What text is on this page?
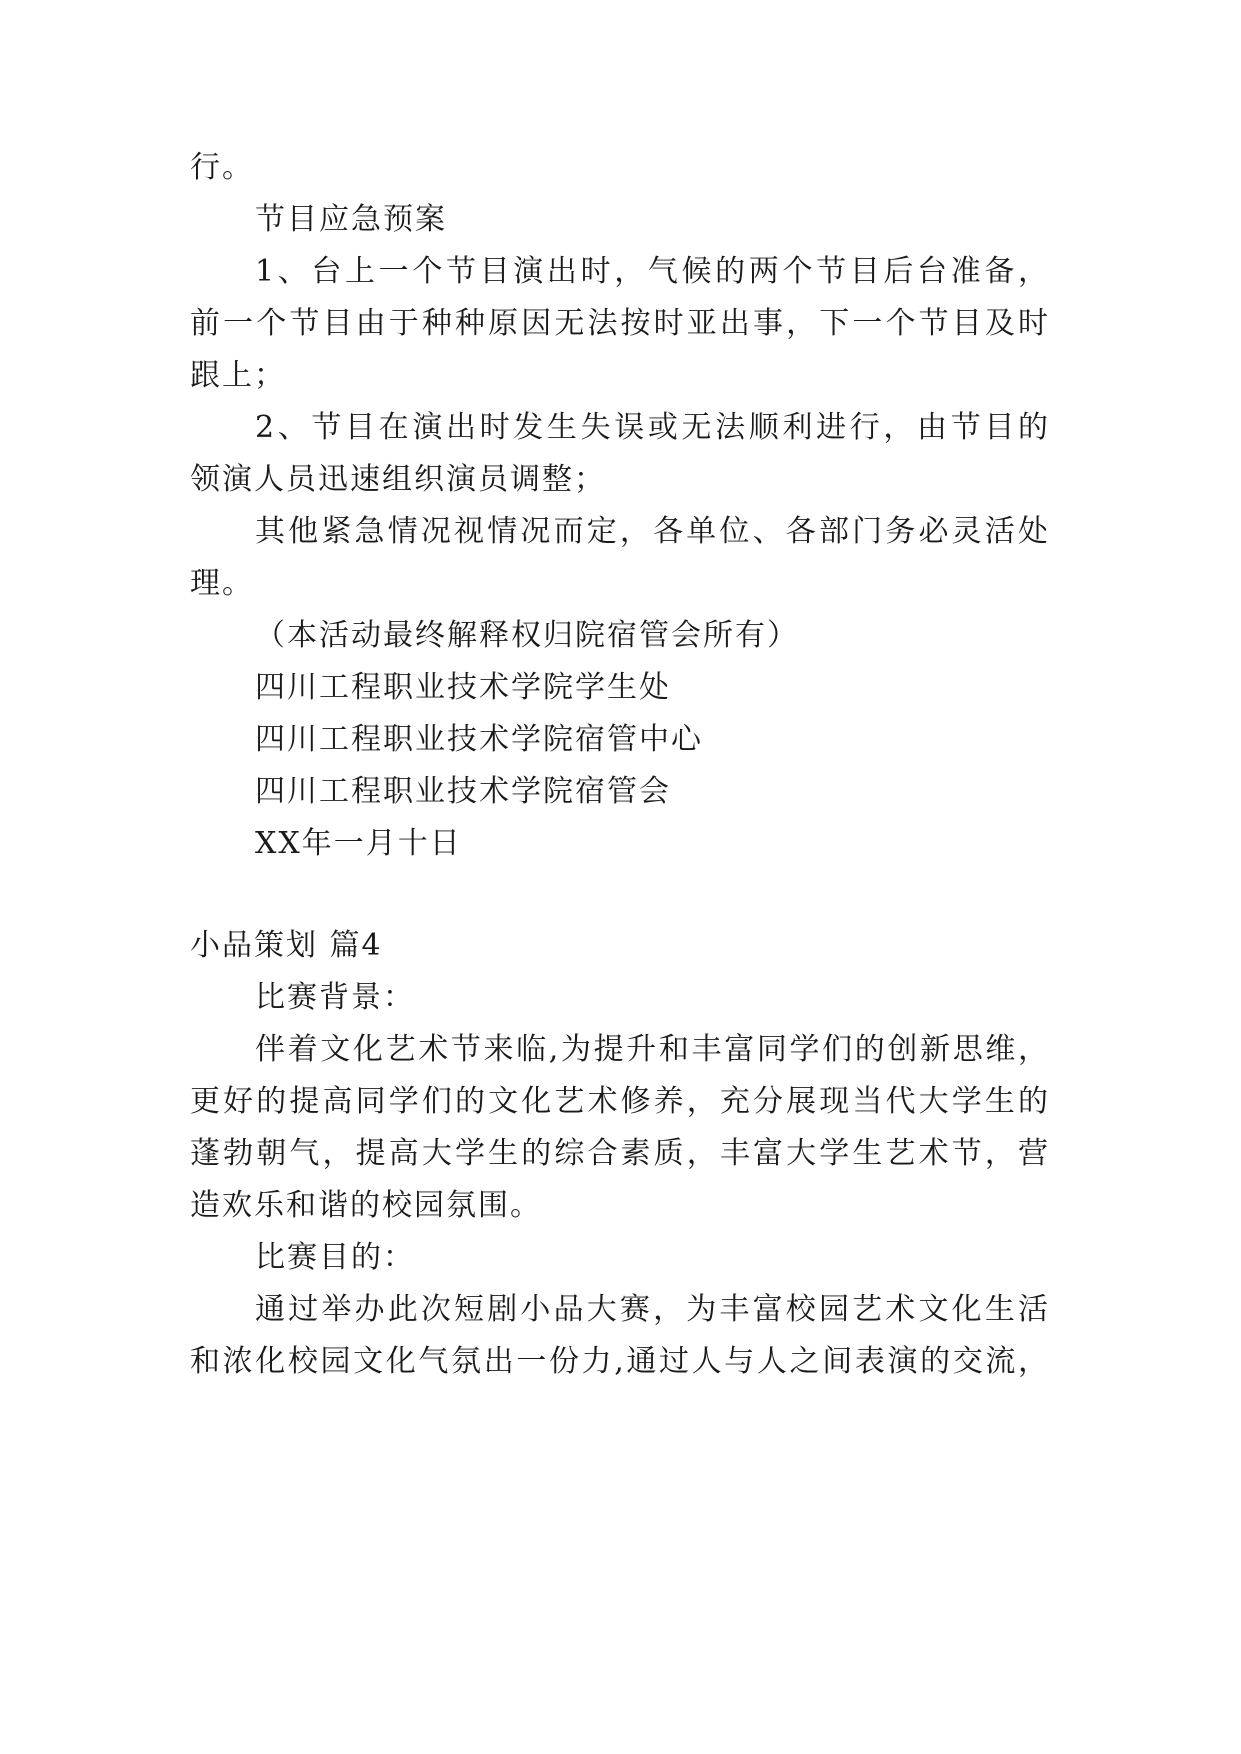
行。
节目应急预案
1、台上一个节目演出时，气候的两个节目后台准备，
前一个节目由于种种原因无法按时亚出事，下一个节目及时
跟上；
2、节目在演出时发生失误或无法顺利进行，由节目的
领演人员迅速组织演员调整；
其他紧急情况视情况而定，各单位、各部门务必灵活处
理。
（本活动最终解释权归院宿管会所有）
四川工程职业技术学院学生处
四川工程职业技术学院宿管中心
四川工程职业技术学院宿管会
XX年一月十日
小品策划 篇4
比赛背景：
伴着文化艺术节来临,为提升和丰富同学们的创新思维，
更好的提高同学们的文化艺术修养，充分展现当代大学生的
蓬勃朝气，提高大学生的综合素质，丰富大学生艺术节，营
造欢乐和谐的校园氛围。
比赛目的：
通过举办此次短剧小品大赛，为丰富校园艺术文化生活
和浓化校园文化气氛出一份力,通过人与人之间表演的交流，
